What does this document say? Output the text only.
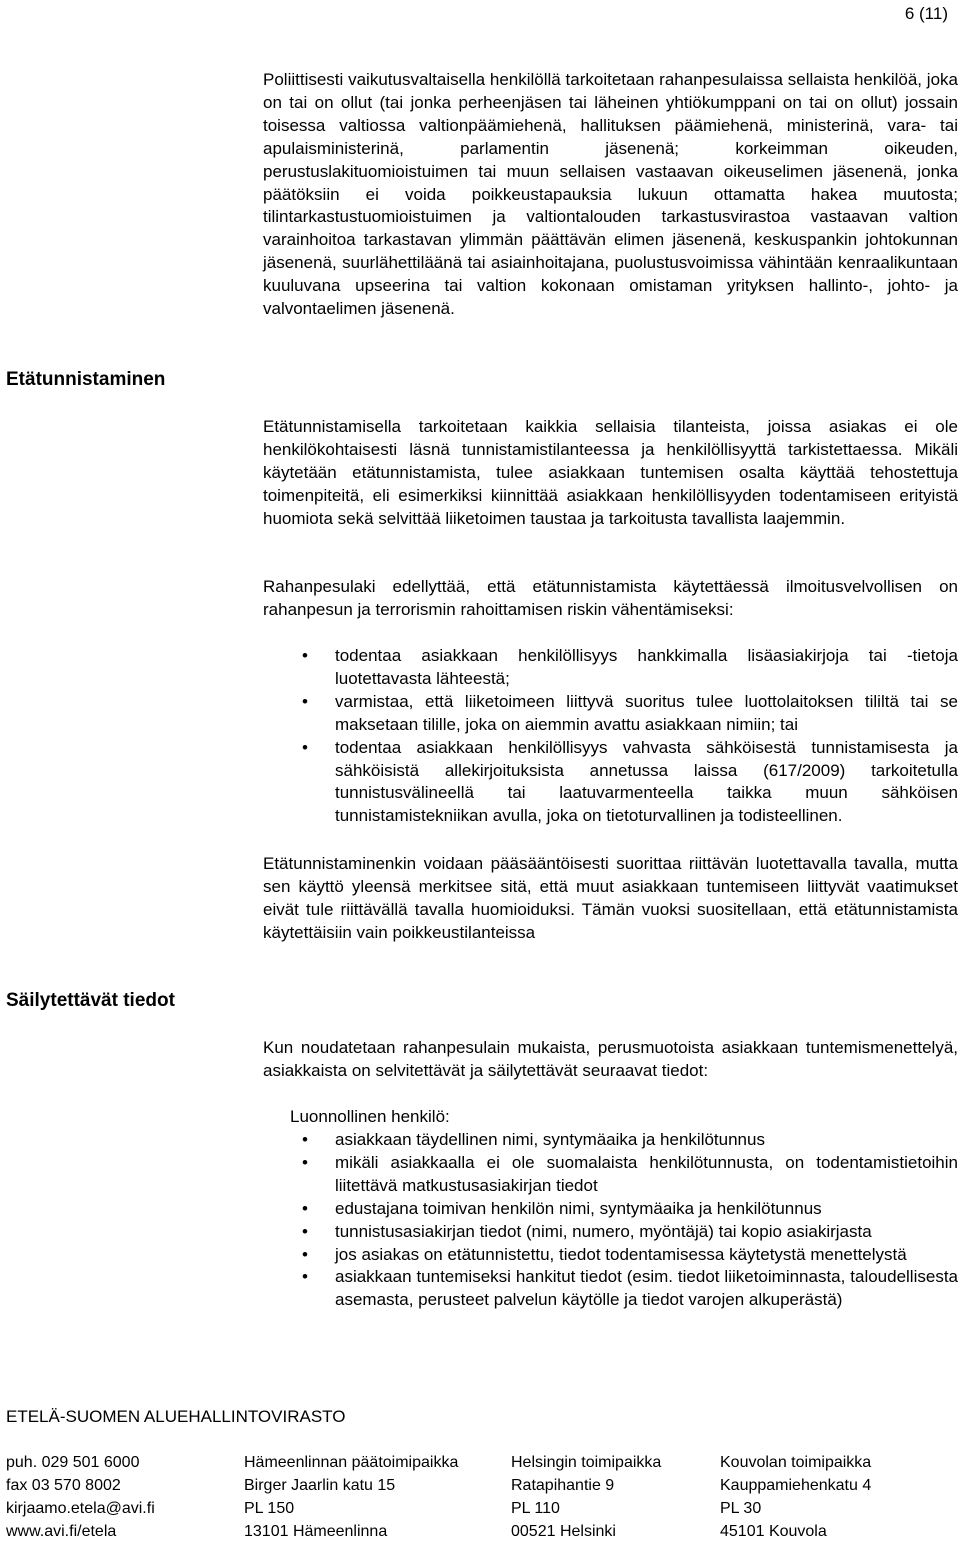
6 (11)
Poliittisesti vaikutusvaltaisella henkilöllä tarkoitetaan rahanpesulaissa sellaista henkilöä, joka on tai on ollut (tai jonka perheenjäsen tai läheinen yhtiökumppani on tai on ollut) jossain toisessa valtiossa valtionpäämiehenä, hallituksen päämiehenä, ministerinä, vara- tai apulaisministerinä, parlamentin jäsenenä; korkeimman oikeuden, perustuslakituomioistuimen tai muun sellaisen vastaavan oikeuselimen jäsenenä, jonka päätöksiin ei voida poikkeustapauksia lukuun ottamatta hakea muutosta; tilintarkastustuomioistuimen ja valtiontalouden tarkastusvirastoa vastaavan valtion varainhoitoa tarkastavan ylimmän päättävän elimen jäsenenä, keskuspankin johtokunnan jäsenenä, suurlähettiläänä tai asiainhoitajana, puolustusvoimissa vähintään kenraalikuntaan kuuluvana upseerina tai valtion kokonaan omistaman yrityksen hallinto-, johto- ja valvontaelimen jäsenenä.
Etätunnistaminen
Etätunnistamisella tarkoitetaan kaikkia sellaisia tilanteista, joissa asiakas ei ole henkilökohtaisesti läsnä tunnistamistilanteessa ja henkilöllisyyttä tarkistettaessa. Mikäli käytetään etätunnistamista, tulee asiakkaan tuntemisen osalta käyttää tehostettuja toimenpiteitä, eli esimerkiksi kiinnittää asiakkaan henkilöllisyyden todentamiseen erityistä huomiota sekä selvittää liiketoimen taustaa ja tarkoitusta tavallista laajemmin.
Rahanpesulaki edellyttää, että etätunnistamista käytettäessä ilmoitusvelvollisen on rahanpesun ja terrorismin rahoittamisen riskin vähentämiseksi:
• todentaa asiakkaan henkilöllisyys hankkimalla lisäasiakirjoja tai -tietoja luotettavasta lähteestä;
• varmistaa, että liiketoimeen liittyvä suoritus tulee luottolaitoksen tililtä tai se maksetaan tilille, joka on aiemmin avattu asiakkaan nimiin; tai
• todentaa asiakkaan henkilöllisyys vahvasta sähköisestä tunnistamisesta ja sähköisistä allekirjoituksista annetussa laissa (617/2009) tarkoitetulla tunnistusvälineellä tai laatuvarmenteella taikka muun sähköisen tunnistamistekniikan avulla, joka on tietoturvallinen ja todisteellinen.
Etätunnistaminenkin voidaan pääsääntöisesti suorittaa riittävän luotettavalla tavalla, mutta sen käyttö yleensä merkitsee sitä, että muut asiakkaan tuntemiseen liittyvät vaatimukset eivät tule riittävällä tavalla huomioiduksi. Tämän vuoksi suositellaan, että etätunnistamista käytettäisiin vain poikkeustilanteissa
Säilytettävät tiedot
Kun noudatetaan rahanpesulain mukaista, perusmuotoista asiakkaan tuntemismenettelyä, asiakkaista on selvitettävät ja säilytettävät seuraavat tiedot:
Luonnollinen henkilö:
• asiakkaan täydellinen nimi, syntymäaika ja henkilötunnus
• mikäli asiakkaalla ei ole suomalaista henkilötunnusta, on todentamistietoihin liitettävä matkustusasiakirjan tiedot
• edustajana toimivan henkilön nimi, syntymäaika ja henkilötunnus
• tunnistusasiakirjan tiedot (nimi, numero, myöntäjä) tai kopio asiakirjasta
• jos asiakas on etätunnistettu, tiedot todentamisessa käytetystä menettelystä
• asiakkaan tuntemiseksi hankitut tiedot (esim. tiedot liiketoiminnasta, taloudellisesta asemasta, perusteet palvelun käytölle ja tiedot varojen alkuperästä)
ETELÄ-SUOMEN ALUEHALLINTOVIRASTO
puh. 029 501 6000
fax 03 570 8002
kirjaamo.etela@avi.fi
www.avi.fi/etela
Hämeenlinnan päätoimipaikka
Birger Jaarlin katu 15
PL 150
13101 Hämeenlinna
Helsingin toimipaikka
Ratapihantie 9
PL 110
00521 Helsinki
Kouvolan toimipaikka
Kauppamiehenkatu 4
PL 30
45101 Kouvola
